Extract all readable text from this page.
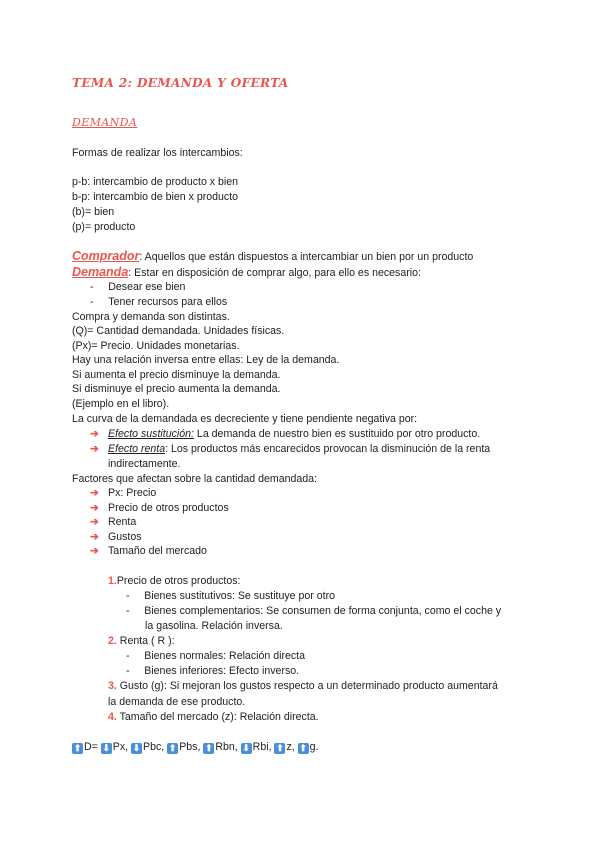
TEMA 2: DEMANDA Y OFERTA
DEMANDA
Formas de realizar los intercambios:
p-b: intercambio de producto x bien
b-p: intercambio de bien x producto
(b)= bien
(p)= producto
Comprador: Aquellos que están dispuestos a intercambiar un bien por un producto
Demanda: Estar en disposición de comprar algo, para ello es necesario:
-     Desear ese bien
-     Tener recursos para ellos
Compra y demanda son distintas.
(Q)= Cantidad demandada. Unidades físicas.
(Px)= Precio. Unidades monetarias.
Hay una relación inversa entre ellas: Ley de la demanda.
Si aumenta el precio disminuye la demanda.
Si disminuye el precio aumenta la demanda.
(Ejemplo en el libro).
La curva de la demandada es decreciente y tiene pendiente negativa por:
➔ Efecto sustitución: La demanda de nuestro bien es sustituido por otro producto.
➔ Efecto renta: Los productos más encarecidos provocan la disminución de la renta
indirectamente.
Factores que afectan sobre la cantidad demandada:
➔ Px: Precio
➔ Precio de otros productos
➔ Renta
➔ Gustos
➔ Tamaño del mercado
1.Precio de otros productos:
-     Bienes sustitutivos: Se sustituye por otro
-     Bienes complementarios: Se consumen de forma conjunta, como el coche y
la gasolina. Relación inversa.
2. Renta ( R ):
-     Bienes normales: Relación directa
-     Bienes inferiores: Efecto inverso.
3. Gusto (g): Si mejoran los gustos respecto a un determinado producto aumentará
la demanda de ese producto.
4. Tamaño del mercado (z): Relación directa.
⬆ D= ⬇ Px, ⬇ Pbc, ⬆ Pbs, ⬆ Rbn, ⬇ Rbi, ⬆ z, ⬆ g.
